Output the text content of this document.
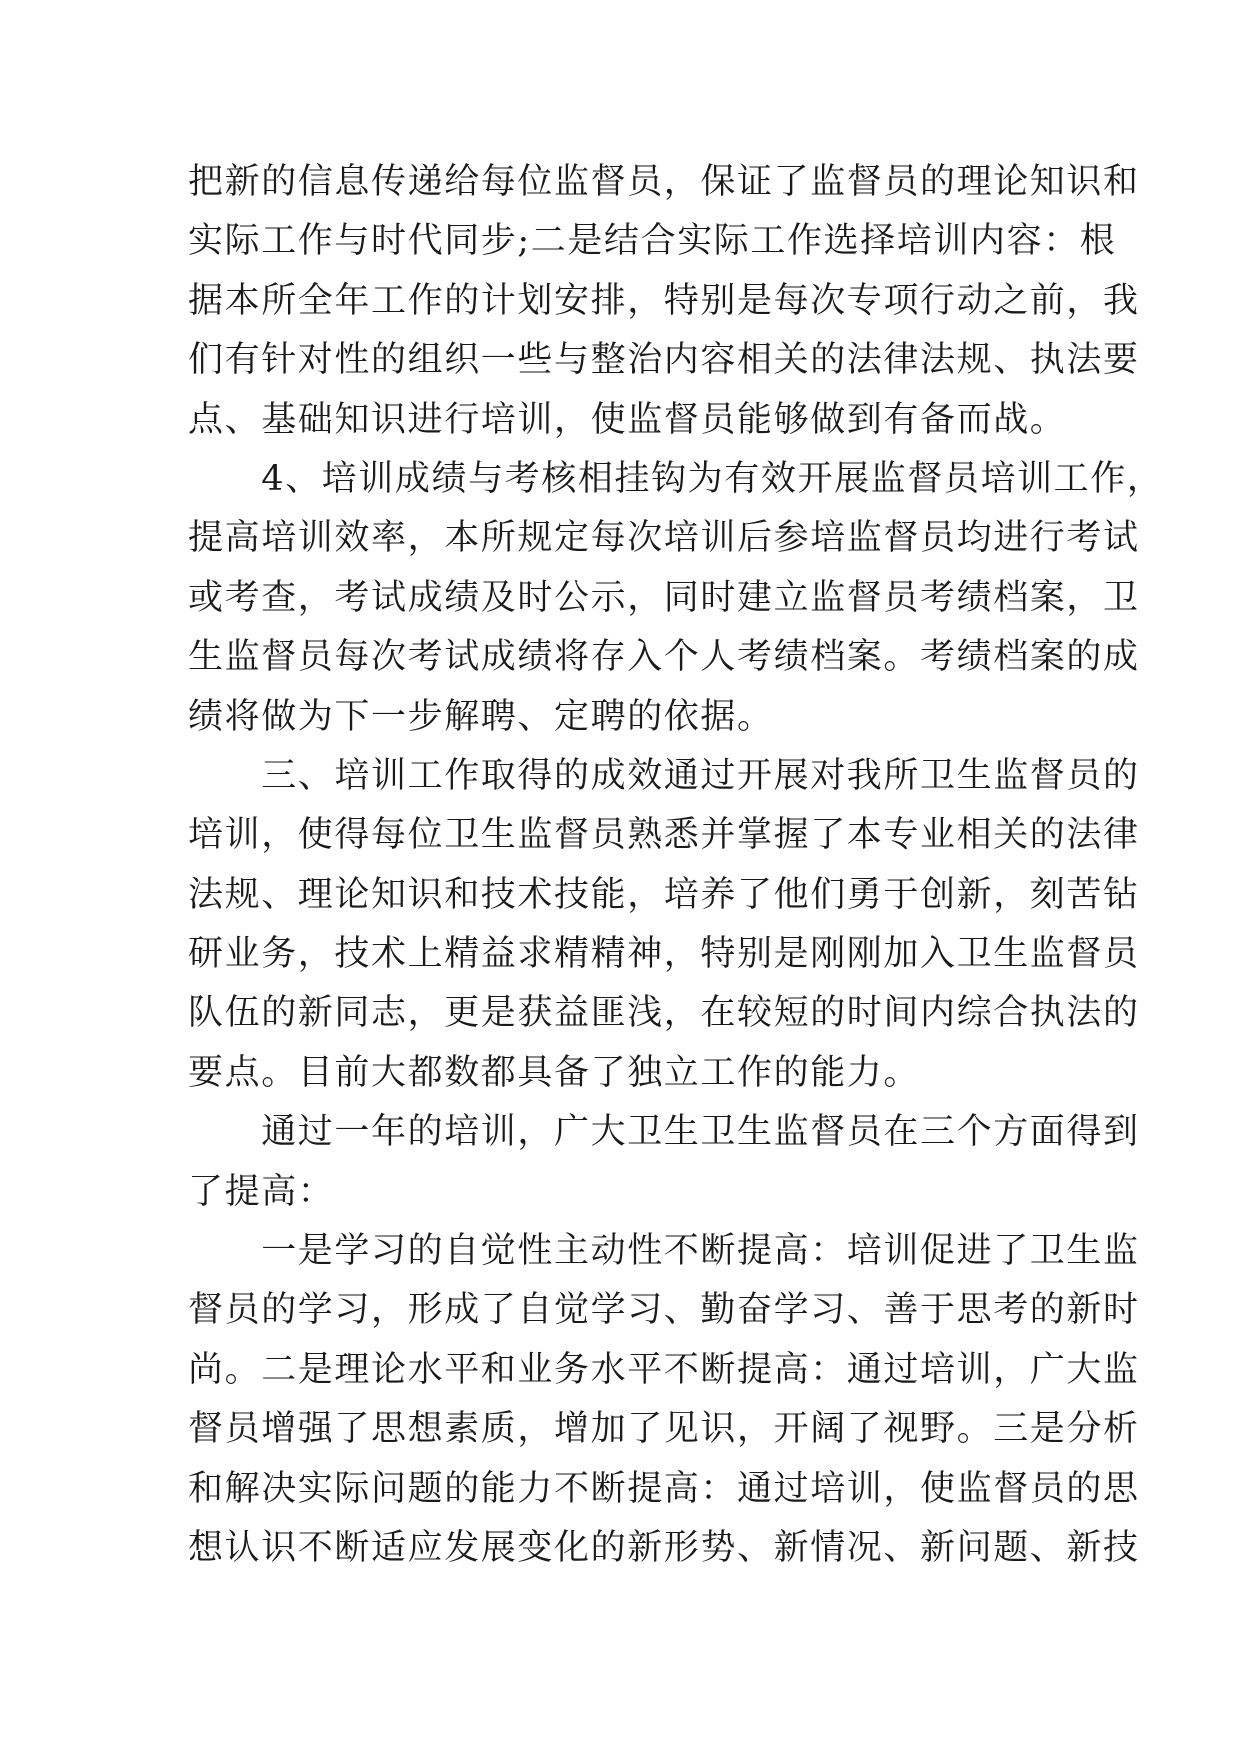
把新的信息传递给每位监督员，保证了监督员的理论知识和
实际工作与时代同步;二是结合实际工作选择培训内容：根
据本所全年工作的计划安排，特别是每次专项行动之前，我
们有针对性的组织一些与整治内容相关的法律法规、执法要
点、基础知识进行培训，使监督员能够做到有备而战。
　　4、培训成绩与考核相挂钩为有效开展监督员培训工作，
提高培训效率，本所规定每次培训后参培监督员均进行考试
或考查，考试成绩及时公示，同时建立监督员考绩档案，卫
生监督员每次考试成绩将存入个人考绩档案。考绩档案的成
绩将做为下一步解聘、定聘的依据。
　　三、培训工作取得的成效通过开展对我所卫生监督员的
培训，使得每位卫生监督员熟悉并掌握了本专业相关的法律
法规、理论知识和技术技能，培养了他们勇于创新，刻苦钻
研业务，技术上精益求精精神，特别是刚刚加入卫生监督员
队伍的新同志，更是获益匪浅，在较短的时间内综合执法的
要点。目前大都数都具备了独立工作的能力。
　　通过一年的培训，广大卫生卫生监督员在三个方面得到
了提高：
　　一是学习的自觉性主动性不断提高：培训促进了卫生监
督员的学习，形成了自觉学习、勤奋学习、善于思考的新时
尚。二是理论水平和业务水平不断提高：通过培训，广大监
督员增强了思想素质，增加了见识，开阔了视野。三是分析
和解决实际问题的能力不断提高：通过培训，使监督员的思
想认识不断适应发展变化的新形势、新情况、新问题、新技
